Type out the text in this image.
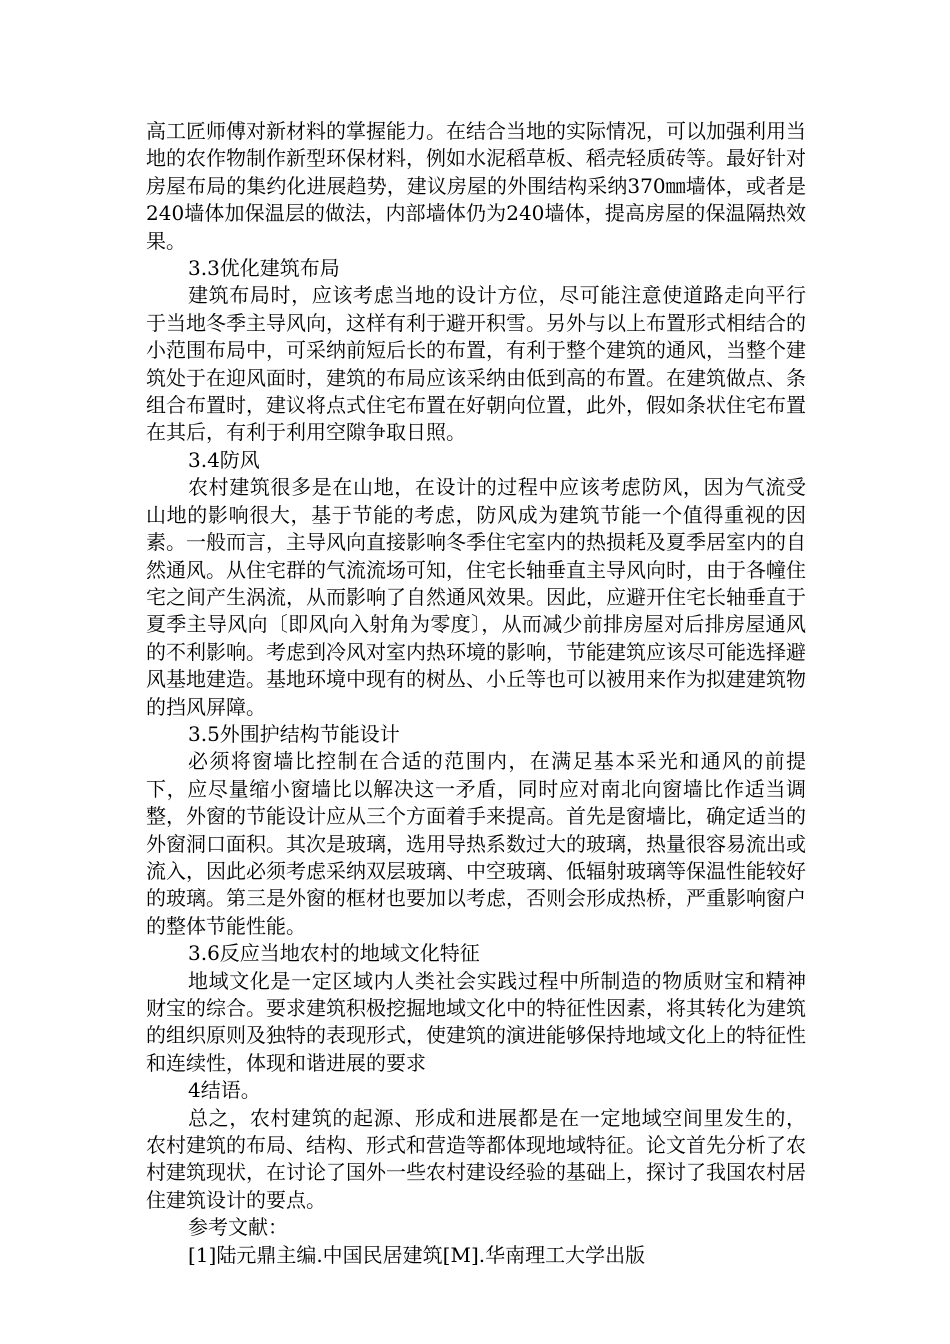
高工匠师傅对新材料的掌握能力。在结合当地的实际情况，可以加强利用当地的农作物制作新型环保材料，例如水泥稻草板、稻壳轻质砖等。最好针对房屋布局的集约化进展趋势，建议房屋的外围结构采纳370㎜墙体，或者是240墙体加保温层的做法，内部墙体仍为240墙体，提高房屋的保温隔热效果。

3.3优化建筑布局

建筑布局时，应该考虑当地的设计方位，尽可能注意使道路走向平行于当地冬季主导风向，这样有利于避开积雪。另外与以上布置形式相结合的小范围布局中，可采纳前短后长的布置，有利于整个建筑的通风，当整个建筑处于在迎风面时，建筑的布局应该采纳由低到高的布置。在建筑做点、条组合布置时，建议将点式住宅布置在好朝向位置，此外，假如条状住宅布置在其后，有利于利用空隙争取日照。

3.4防风

农村建筑很多是在山地，在设计的过程中应该考虑防风，因为气流受山地的影响很大，基于节能的考虑，防风成为建筑节能一个值得重视的因素。一般而言，主导风向直接影响冬季住宅室内的热损耗及夏季居室内的自然通风。从住宅群的气流流场可知，住宅长轴垂直主导风向时，由于各幢住宅之间产生涡流，从而影响了自然通风效果。因此，应避开住宅长轴垂直于夏季主导风向〔即风向入射角为零度〕，从而减少前排房屋对后排房屋通风的不利影响。考虑到冷风对室内热环境的影响，节能建筑应该尽可能选择避风基地建造。基地环境中现有的树丛、小丘等也可以被用来作为拟建建筑物的挡风屏障。

3.5外围护结构节能设计

必须将窗墙比控制在合适的范围内，在满足基本采光和通风的前提下，应尽量缩小窗墙比以解决这一矛盾，同时应对南北向窗墙比作适当调整，外窗的节能设计应从三个方面着手来提高。首先是窗墙比，确定适当的外窗洞口面积。其次是玻璃，选用导热系数过大的玻璃，热量很容易流出或流入，因此必须考虑采纳双层玻璃、中空玻璃、低辐射玻璃等保温性能较好的玻璃。第三是外窗的框材也要加以考虑，否则会形成热桥，严重影响窗户的整体节能性能。

3.6反应当地农村的地域文化特征

地域文化是一定区域内人类社会实践过程中所制造的物质财宝和精神财宝的综合。要求建筑积极挖掘地域文化中的特征性因素，将其转化为建筑的组织原则及独特的表现形式，使建筑的演进能够保持地域文化上的特征性和连续性，体现和谐进展的要求

4结语。

总之，农村建筑的起源、形成和进展都是在一定地域空间里发生的，农村建筑的布局、结构、形式和营造等都体现地域特征。论文首先分析了农村建筑现状，在讨论了国外一些农村建设经验的基础上，探讨了我国农村居住建筑设计的要点。

参考文献：

[1]陆元鼎主编.中国民居建筑[M].华南理工大学出版
